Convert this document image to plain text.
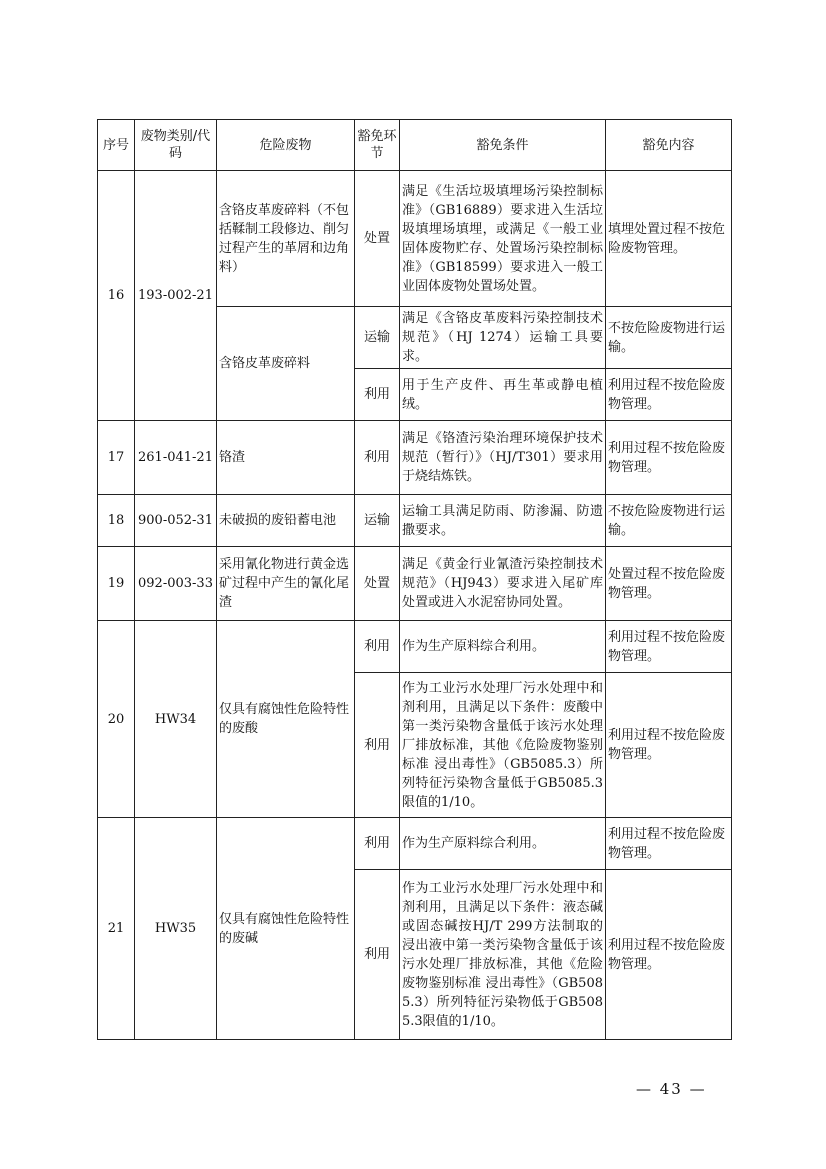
序号	废物类别/代码	危险废物	豁免环节	豁免条件	豁免内容
16	193-002-21	含铬皮革废碎料（不包括鞣制工段修边、削匀过程产生的革屑和边角料）	处置	满足《生活垃圾填埋场污染控制标准》（GB16889）要求进入生活垃圾填埋场填埋，或满足《一般工业固体废物贮存、处置场污染控制标准》（GB18599）要求进入一般工业固体废物处置场处置。	填埋处置过程不按危险废物管理。
		含铬皮革废碎料	运输	满足《含铬皮革废料污染控制技术规范》（HJ 1274）运输工具要求。	不按危险废物进行运输。
			利用	用于生产皮件、再生革或静电植绒。	利用过程不按危险废物管理。
17	261-041-21	铬渣	利用	满足《铬渣污染治理环境保护技术规范（暂行）》（HJ/T301）要求用于烧结炼铁。	利用过程不按危险废物管理。
18	900-052-31	未破损的废铅蓄电池	运输	运输工具满足防雨、防渗漏、防遗撒要求。	不按危险废物进行运输。
19	092-003-33	采用氰化物进行黄金选矿过程中产生的氰化尾渣	处置	满足《黄金行业氰渣污染控制技术规范》（HJ943）要求进入尾矿库处置或进入水泥窑协同处置。	处置过程不按危险废物管理。
20	HW34	仅具有腐蚀性危险特性的废酸	利用	作为生产原料综合利用。	利用过程不按危险废物管理。
			利用	作为工业污水处理厂污水处理中和剂利用，且满足以下条件：废酸中第一类污染物含量低于该污水处理厂排放标准，其他《危险废物鉴别标准 浸出毒性》（GB5085.3）所列特征污染物含量低于GB5085.3限值的1/10。	利用过程不按危险废物管理。
21	HW35	仅具有腐蚀性危险特性的废碱	利用	作为生产原料综合利用。	利用过程不按危险废物管理。
			利用	作为工业污水处理厂污水处理中和剂利用，且满足以下条件：液态碱或固态碱按HJ/T 299方法制取的浸出液中第一类污染物含量低于该污水处理厂排放标准，其他《危险废物鉴别标准 浸出毒性》（GB5085.3）所列特征污染物低于GB5085.3限值的1/10。	利用过程不按危险废物管理。
— 43 —
